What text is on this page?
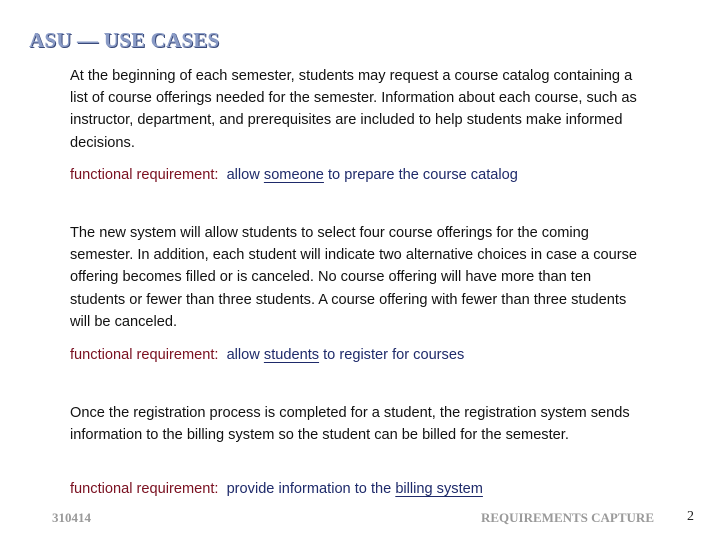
ASU — USE CASES
At the beginning of each semester, students may request a course catalog containing a list of course offerings needed for the semester. Information about each course, such as instructor, department, and prerequisites are included to help students make informed decisions.
functional requirement: allow someone to prepare the course catalog
The new system will allow students to select four course offerings for the coming semester. In addition, each student will indicate two alternative choices in case a course offering becomes filled or is canceled. No course offering will have more than ten students or fewer than three students. A course offering with fewer than three students will be canceled.
functional requirement: allow students to register for courses
Once the registration process is completed for a student, the registration system sends information to the billing system so the student can be billed for the semester.
functional requirement: provide information to the billing system
310414	REQUIREMENTS CAPTURE 2
